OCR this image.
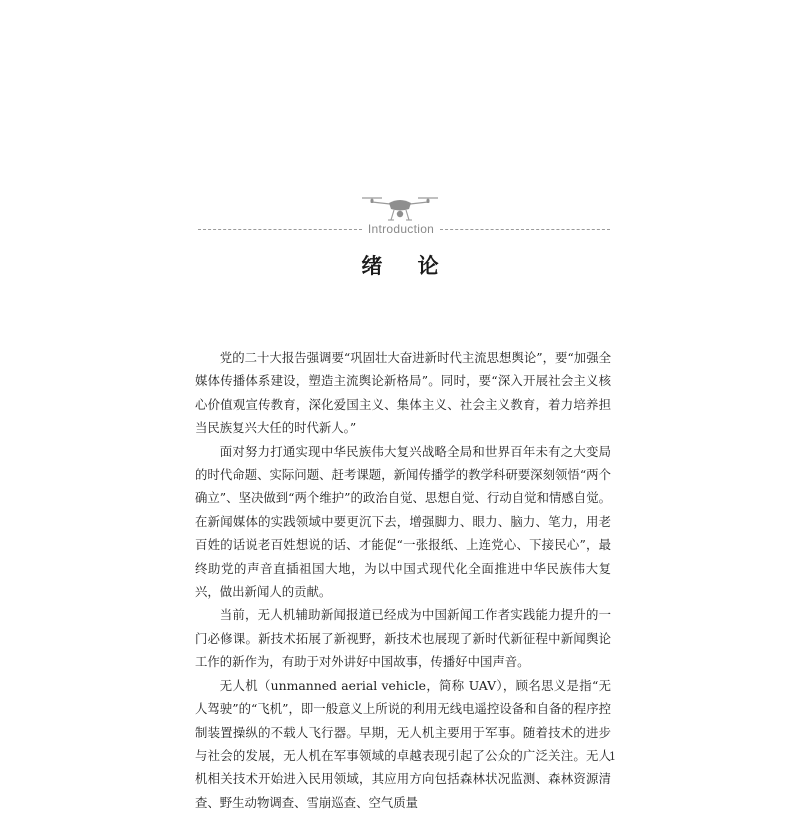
Introduction
绪 论

党的二十大报告强调要“巩固壮大奋进新时代主流思想舆论”，要“加强全媒体传播体系建设，塑造主流舆论新格局”。同时，要“深入开展社会主义核心价值观宣传教育，深化爱国主义、集体主义、社会主义教育，着力培养担当民族复兴大任的时代新人。”

面对努力打通实现中华民族伟大复兴战略全局和世界百年未有之大变局的时代命题、实际问题、赶考课题，新闻传播学的教学科研要深刻领悟“两个确立”、坚决做到“两个维护”的政治自觉、思想自觉、行动自觉和情感自觉。在新闻媒体的实践领域中要更沉下去，增强脚力、眼力、脑力、笔力，用老百姓的话说老百姓想说的话、才能促“一张报纸、上连党心、下接民心”，最终助党的声音直插祖国大地，为以中国式现代化全面推进中华民族伟大复兴，做出新闻人的贡献。

当前，无人机辅助新闻报道已经成为中国新闻工作者实践能力提升的一门必修课。新技术拓展了新视野，新技术也展现了新时代新征程中新闻舆论工作的新作为，有助于对外讲好中国故事，传播好中国声音。

无人机（unmanned aerial vehicle，简称 UAV），顾名思义是指“无人驾驶”的“飞机”，即一般意义上所说的利用无线电遥控设备和自备的程序控制装置操纵的不载人飞行器。早期，无人机主要用于军事。随着技术的进步与社会的发展，无人机在军事领域的卓越表现引起了公众的广泛关注。无人机相关技术开始进入民用领域，其应用方向包括森林状况监测、森林资源清查、野生动物调查、雪崩巡查、空气质量

1
